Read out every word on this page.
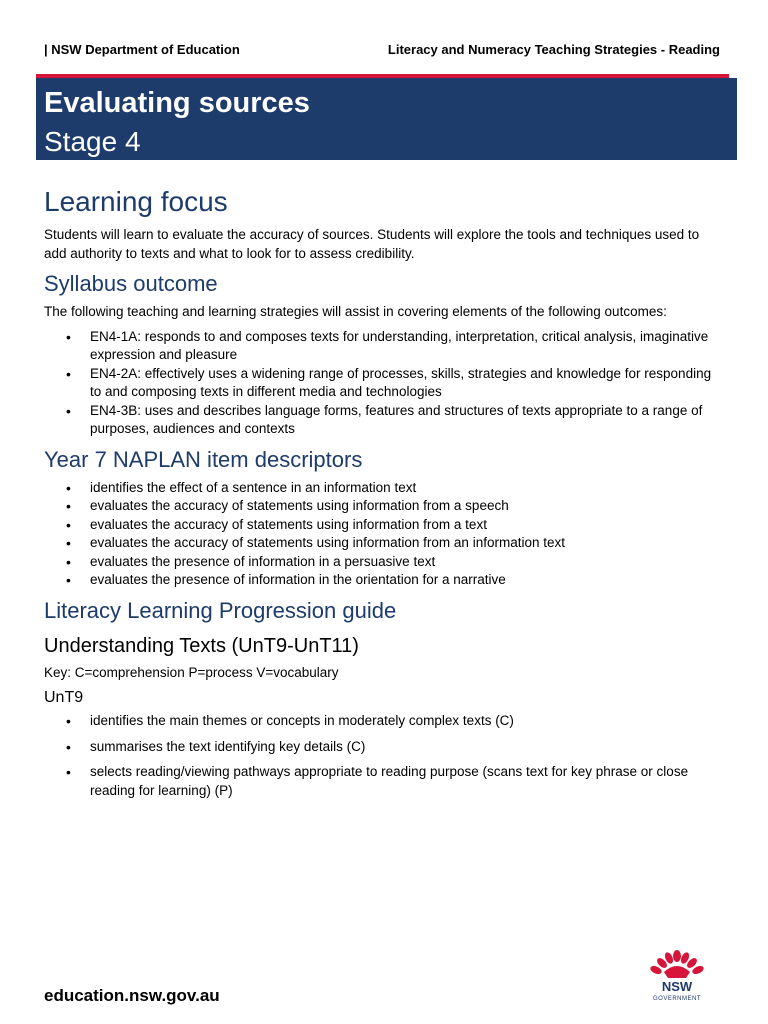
| NSW Department of Education	Literacy and Numeracy Teaching Strategies - Reading
Evaluating sources
Stage 4
Learning focus

Students will learn to evaluate the accuracy of sources. Students will explore the tools and techniques used to add authority to texts and what to look for to assess credibility.

Syllabus outcome

The following teaching and learning strategies will assist in covering elements of the following outcomes:

• EN4-1A: responds to and composes texts for understanding, interpretation, critical analysis, imaginative expression and pleasure
• EN4-2A: effectively uses a widening range of processes, skills, strategies and knowledge for responding to and composing texts in different media and technologies
• EN4-3B: uses and describes language forms, features and structures of texts appropriate to a range of purposes, audiences and contexts
Year 7 NAPLAN item descriptors
• identifies the effect of a sentence in an information text
• evaluates the accuracy of statements using information from a speech
• evaluates the accuracy of statements using information from a text
• evaluates the accuracy of statements using information from an information text
• evaluates the presence of information in a persuasive text
• evaluates the presence of information in the orientation for a narrative
Literacy Learning Progression guide
Understanding Texts (UnT9-UnT11)

Key: C=comprehension P=process V=vocabulary

UnT9
• identifies the main themes or concepts in moderately complex texts (C)
• summarises the text identifying key details (C)
• selects reading/viewing pathways appropriate to reading purpose (scans text for key phrase or close reading for learning) (P)
education.nsw.gov.au	NSW
GOVERNMENT
